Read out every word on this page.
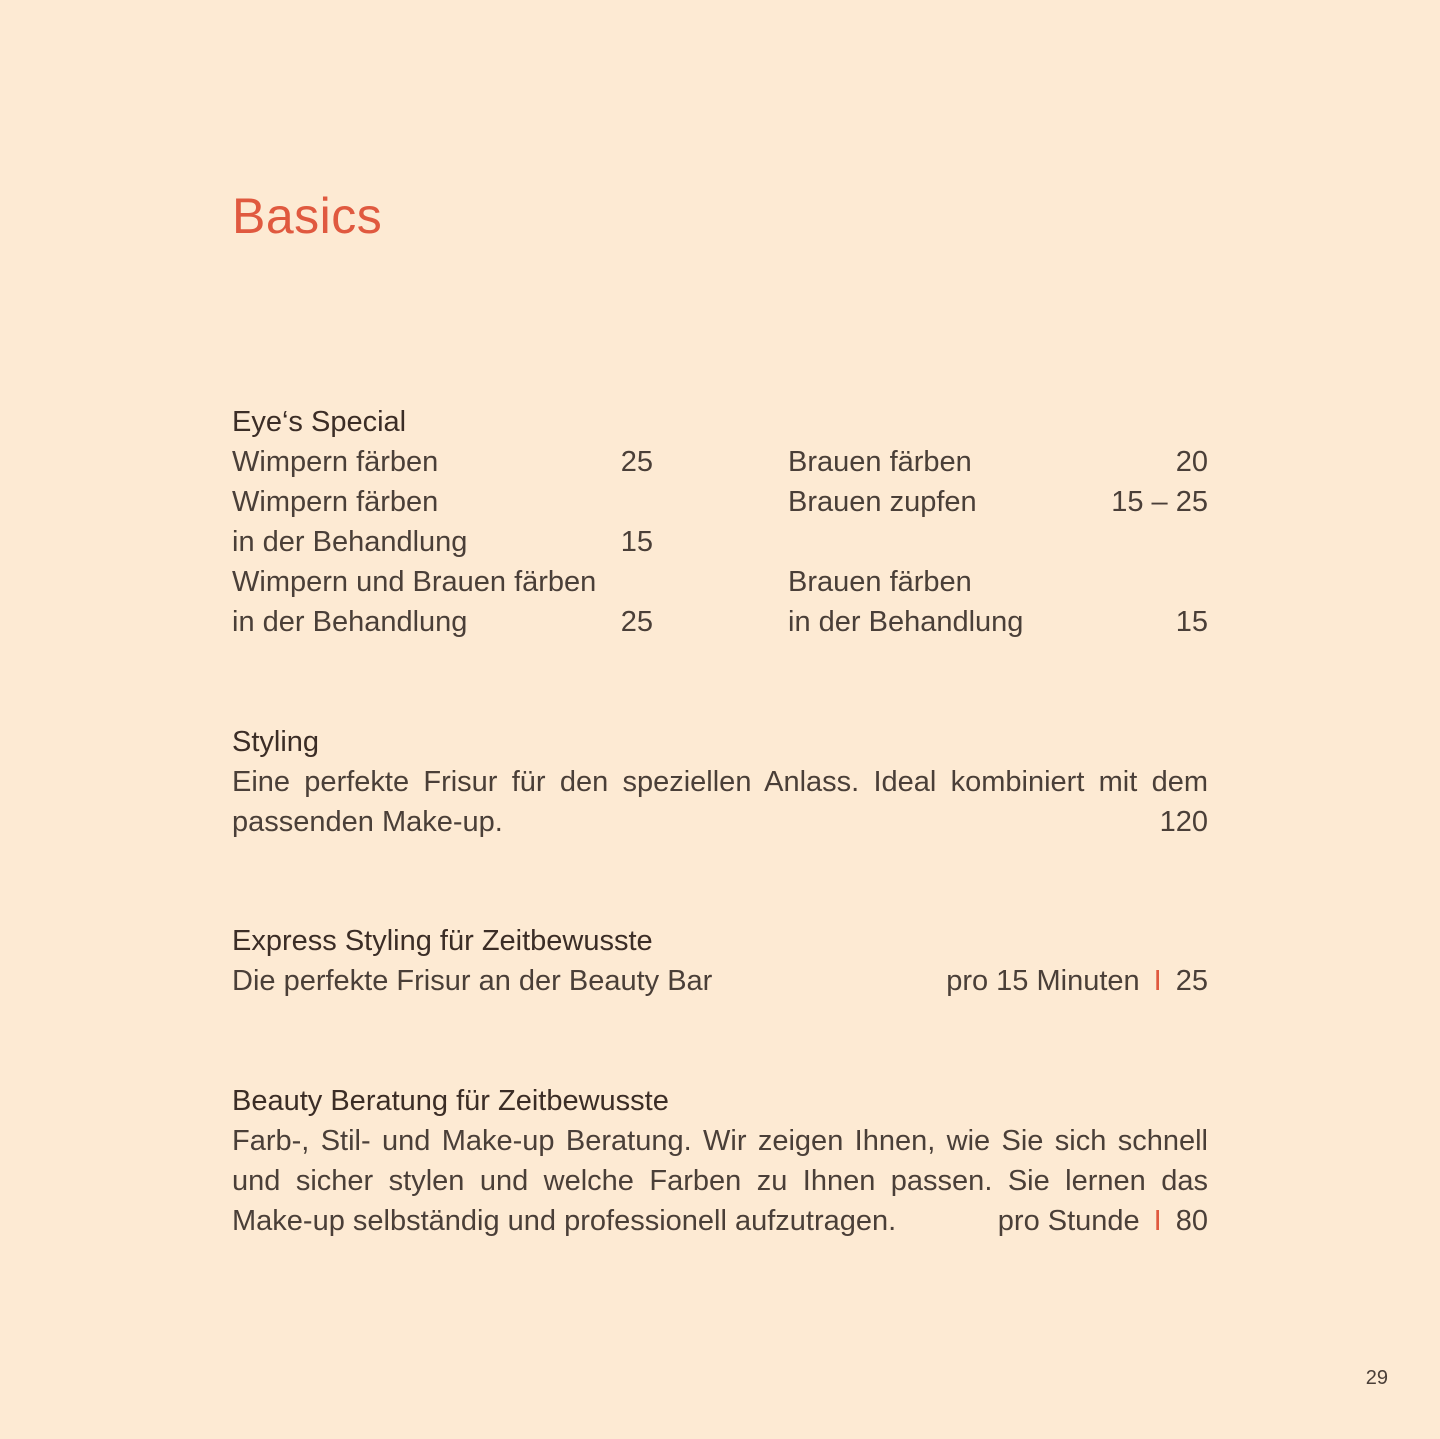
Basics
Eye‘s Special
Wimpern färben	25
Wimpern färben
in der Behandlung	15
Wimpern und Brauen färben
in der Behandlung	25
Brauen färben	20
Brauen zupfen	15 – 25
Brauen färben
in der Behandlung	15
Styling
Eine perfekte Frisur für den speziellen Anlass. Ideal kombiniert mit dem
passenden Make-up.	120
Express Styling für Zeitbewusste
Die perfekte Frisur an der Beauty Bar	pro 15 Minuten I 25
Beauty Beratung für Zeitbewusste
Farb-, Stil- und Make-up Beratung. Wir zeigen Ihnen, wie Sie sich schnell
und sicher stylen und welche Farben zu Ihnen passen. Sie lernen das
Make-up selbständig und professionell aufzutragen.	pro Stunde I 80
29
